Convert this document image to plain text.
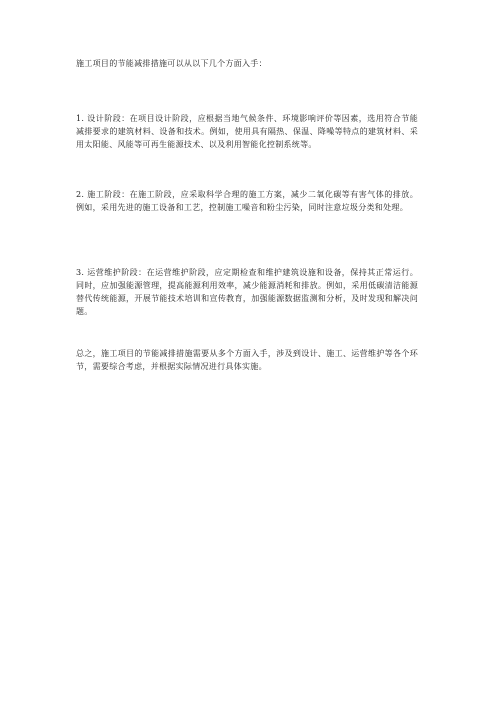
施工项目的节能减排措施可以从以下几个方面入手：

1. 设计阶段：在项目设计阶段，应根据当地气候条件、环境影响评价等因素，选用符合节能减排要求的建筑材料、设备和技术。例如，使用具有隔热、保温、降噪等特点的建筑材料、采用太阳能、风能等可再生能源技术、以及利用智能化控制系统等。

2. 施工阶段：在施工阶段，应采取科学合理的施工方案，减少二氧化碳等有害气体的排放。例如，采用先进的施工设备和工艺，控制施工噪音和粉尘污染，同时注意垃圾分类和处理。

3. 运营维护阶段：在运营维护阶段，应定期检查和维护建筑设施和设备，保持其正常运行。同时，应加强能源管理，提高能源利用效率，减少能源消耗和排放。例如，采用低碳清洁能源替代传统能源，开展节能技术培训和宣传教育，加强能源数据监测和分析，及时发现和解决问题。

总之，施工项目的节能减排措施需要从多个方面入手，涉及到设计、施工、运营维护等各个环节，需要综合考虑，并根据实际情况进行具体实施。
